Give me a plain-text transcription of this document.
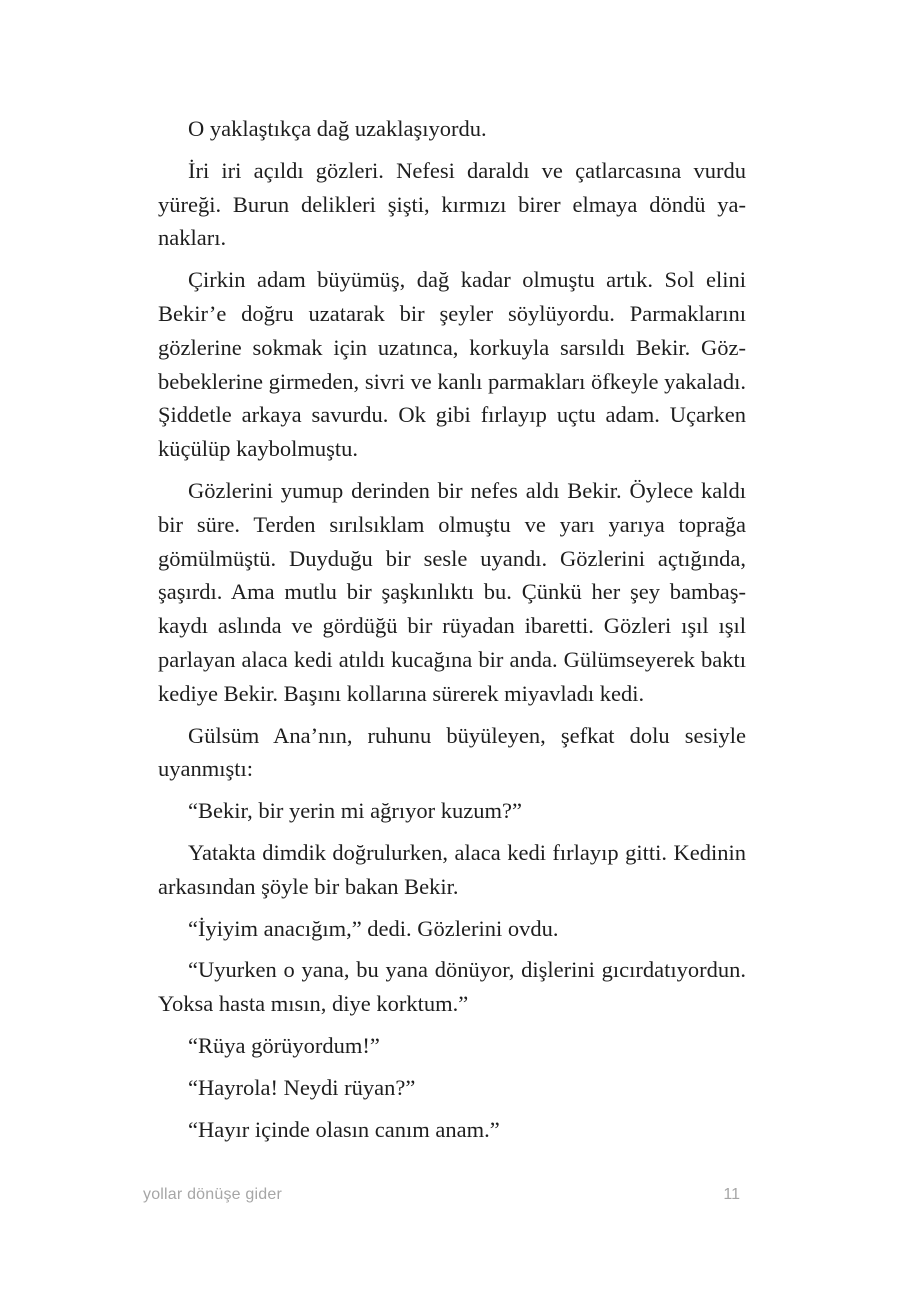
O yaklaştıkça dağ uzaklaşıyordu.

İri iri açıldı gözleri. Nefesi daraldı ve çatlarcasına vurdu yüreği. Burun delikleri şişti, kırmızı birer elmaya döndü yanakları.

Çirkin adam büyümüş, dağ kadar olmuştu artık. Sol elini Bekir’e doğru uzatarak bir şeyler söylüyordu. Parmaklarını gözlerine sokmak için uzatınca, korkuyla sarsıldı Bekir. Gözbebeklerine girmeden, sivri ve kanlı parmakları öfkeyle yakaladı. Şiddetle arkaya savurdu. Ok gibi fırlayıp uçtu adam. Uçarken küçülüp kaybolmuştu.

Gözlerini yumup derinden bir nefes aldı Bekir. Öylece kaldı bir süre. Terden sırılsıklam olmuştu ve yarı yarıya toprağa gömülmüştü. Duyduğu bir sesle uyandı. Gözlerini açtığında, şaşırdı. Ama mutlu bir şaşkınlıktı bu. Çünkü her şey bambaşkaydı aslında ve gördüğü bir rüyadan ibaretti. Gözleri ışıl ışıl parlayan alaca kedi atıldı kucağına bir anda. Gülümseyerek baktı kediye Bekir. Başını kollarına sürerek miyavladı kedi.

Gülsüm Ana’nın, ruhunu büyüleyen, şefkat dolu sesiyle uyanmıştı:

“Bekir, bir yerin mi ağrıyor kuzum?”

Yatakta dimdik doğrulurken, alaca kedi fırlayıp gitti. Kedinin arkasından şöyle bir bakan Bekir.

“İyiyim anacığım,” dedi. Gözlerini ovdu.

“Uyurken o yana, bu yana dönüyor, dişlerini gıcırdatıyordun. Yoksa hasta mısın, diye korktum.”

“Rüya görüyordum!”

“Hayrola! Neydi rüyan?”

“Hayır içinde olasın canım anam.”

yollar dönüşe gider	11
